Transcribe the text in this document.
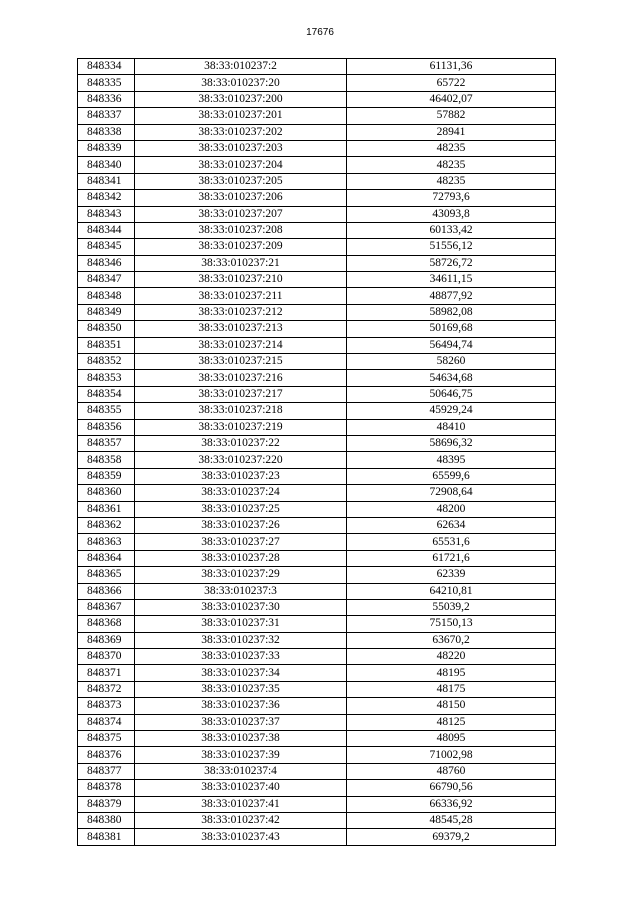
17676
848334	38:33:010237:2	61131,36
848335	38:33:010237:20	65722
848336	38:33:010237:200	46402,07
848337	38:33:010237:201	57882
848338	38:33:010237:202	28941
848339	38:33:010237:203	48235
848340	38:33:010237:204	48235
848341	38:33:010237:205	48235
848342	38:33:010237:206	72793,6
848343	38:33:010237:207	43093,8
848344	38:33:010237:208	60133,42
848345	38:33:010237:209	51556,12
848346	38:33:010237:21	58726,72
848347	38:33:010237:210	34611,15
848348	38:33:010237:211	48877,92
848349	38:33:010237:212	58982,08
848350	38:33:010237:213	50169,68
848351	38:33:010237:214	56494,74
848352	38:33:010237:215	58260
848353	38:33:010237:216	54634,68
848354	38:33:010237:217	50646,75
848355	38:33:010237:218	45929,24
848356	38:33:010237:219	48410
848357	38:33:010237:22	58696,32
848358	38:33:010237:220	48395
848359	38:33:010237:23	65599,6
848360	38:33:010237:24	72908,64
848361	38:33:010237:25	48200
848362	38:33:010237:26	62634
848363	38:33:010237:27	65531,6
848364	38:33:010237:28	61721,6
848365	38:33:010237:29	62339
848366	38:33:010237:3	64210,81
848367	38:33:010237:30	55039,2
848368	38:33:010237:31	75150,13
848369	38:33:010237:32	63670,2
848370	38:33:010237:33	48220
848371	38:33:010237:34	48195
848372	38:33:010237:35	48175
848373	38:33:010237:36	48150
848374	38:33:010237:37	48125
848375	38:33:010237:38	48095
848376	38:33:010237:39	71002,98
848377	38:33:010237:4	48760
848378	38:33:010237:40	66790,56
848379	38:33:010237:41	66336,92
848380	38:33:010237:42	48545,28
848381	38:33:010237:43	69379,2
